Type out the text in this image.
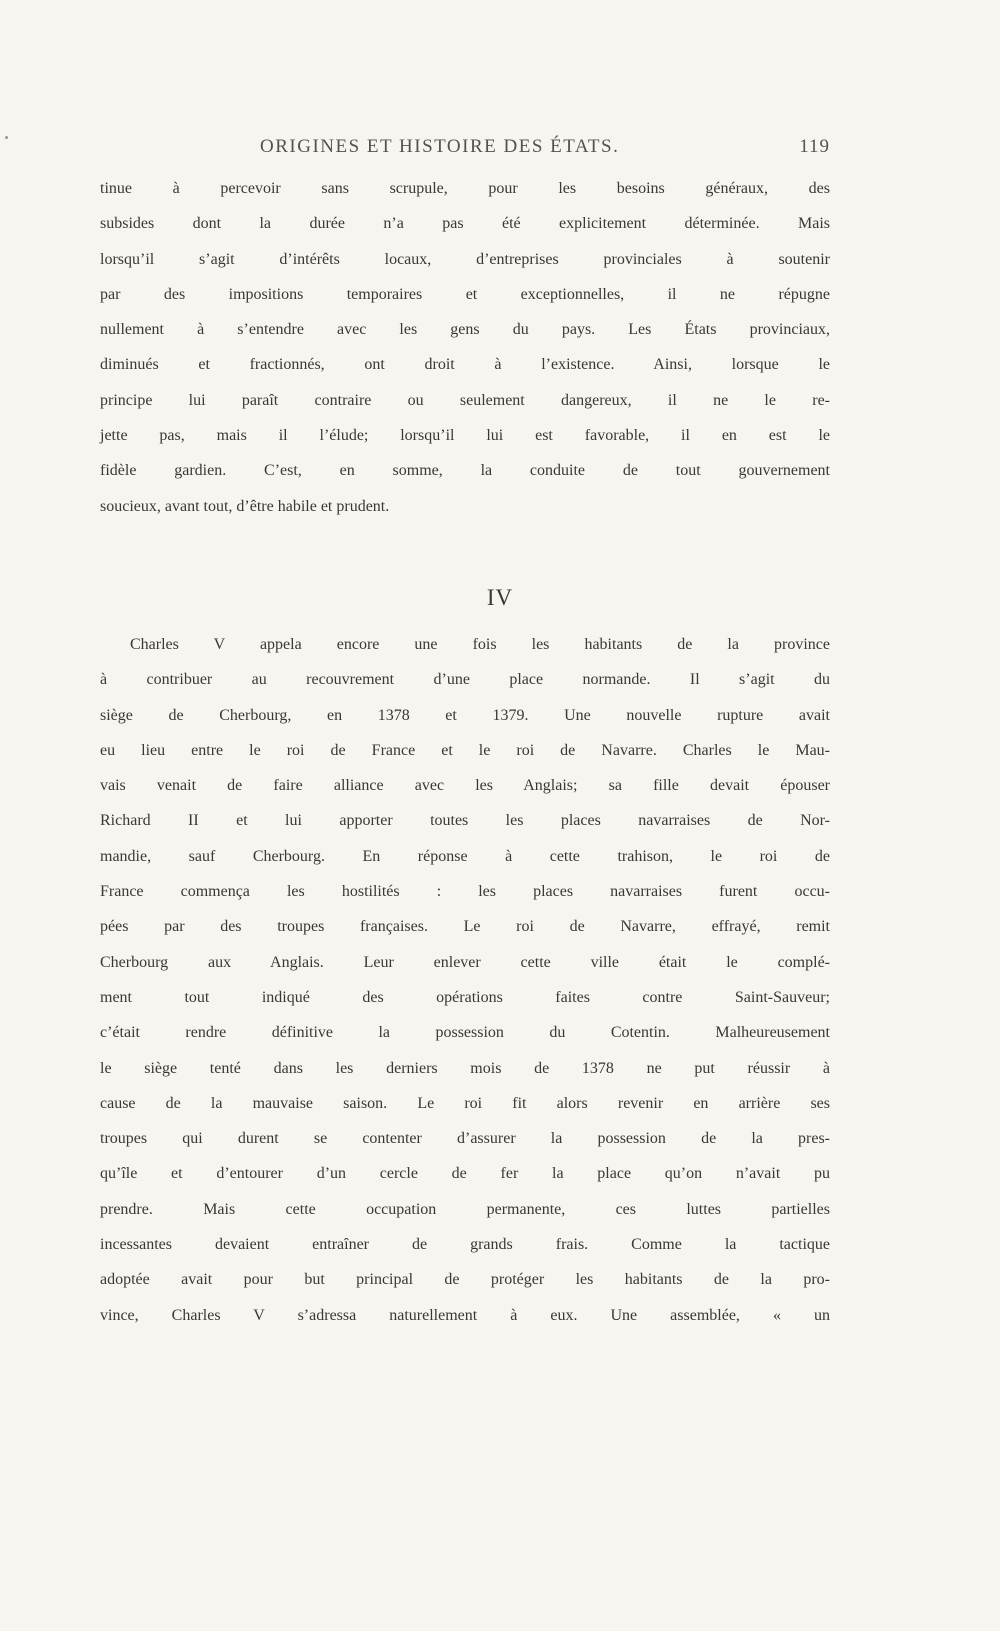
ORIGINES ET HISTOIRE DES ÉTATS.	119
tinue à percevoir sans scrupule, pour les besoins généraux, des
subsides dont la durée n’a pas été explicitement déterminée. Mais
lorsqu’il s’agit d’intérêts locaux, d’entreprises provinciales à soutenir
par des impositions temporaires et exceptionnelles, il ne répugne
nullement à s’entendre avec les gens du pays. Les États provinciaux,
diminués et fractionnés, ont droit à l’existence. Ainsi, lorsque le
principe lui paraît contraire ou seulement dangereux, il ne le re-
jette pas, mais il l’élude; lorsqu’il lui est favorable, il en est le
fidèle gardien. C’est, en somme, la conduite de tout gouvernement
soucieux, avant tout, d’être habile et prudent.
IV
Charles V appela encore une fois les habitants de la province
à contribuer au recouvrement d’une place normande. Il s’agit du
siège de Cherbourg, en 1378 et 1379. Une nouvelle rupture avait
eu lieu entre le roi de France et le roi de Navarre. Charles le Mau-
vais venait de faire alliance avec les Anglais; sa fille devait épouser
Richard II et lui apporter toutes les places navarraises de Nor-
mandie, sauf Cherbourg. En réponse à cette trahison, le roi de
France commença les hostilités : les places navarraises furent occu-
pées par des troupes françaises. Le roi de Navarre, effrayé, remit
Cherbourg aux Anglais. Leur enlever cette ville était le complé-
ment tout indiqué des opérations faites contre Saint-Sauveur;
c’était rendre définitive la possession du Cotentin. Malheureusement
le siège tenté dans les derniers mois de 1378 ne put réussir à
cause de la mauvaise saison. Le roi fit alors revenir en arrière ses
troupes qui durent se contenter d’assurer la possession de la pres-
qu’île et d’entourer d’un cercle de fer la place qu’on n’avait pu
prendre. Mais cette occupation permanente, ces luttes partielles
incessantes devaient entraîner de grands frais. Comme la tactique
adoptée avait pour but principal de protéger les habitants de la pro-
vince, Charles V s’adressa naturellement à eux. Une assemblée, « un
